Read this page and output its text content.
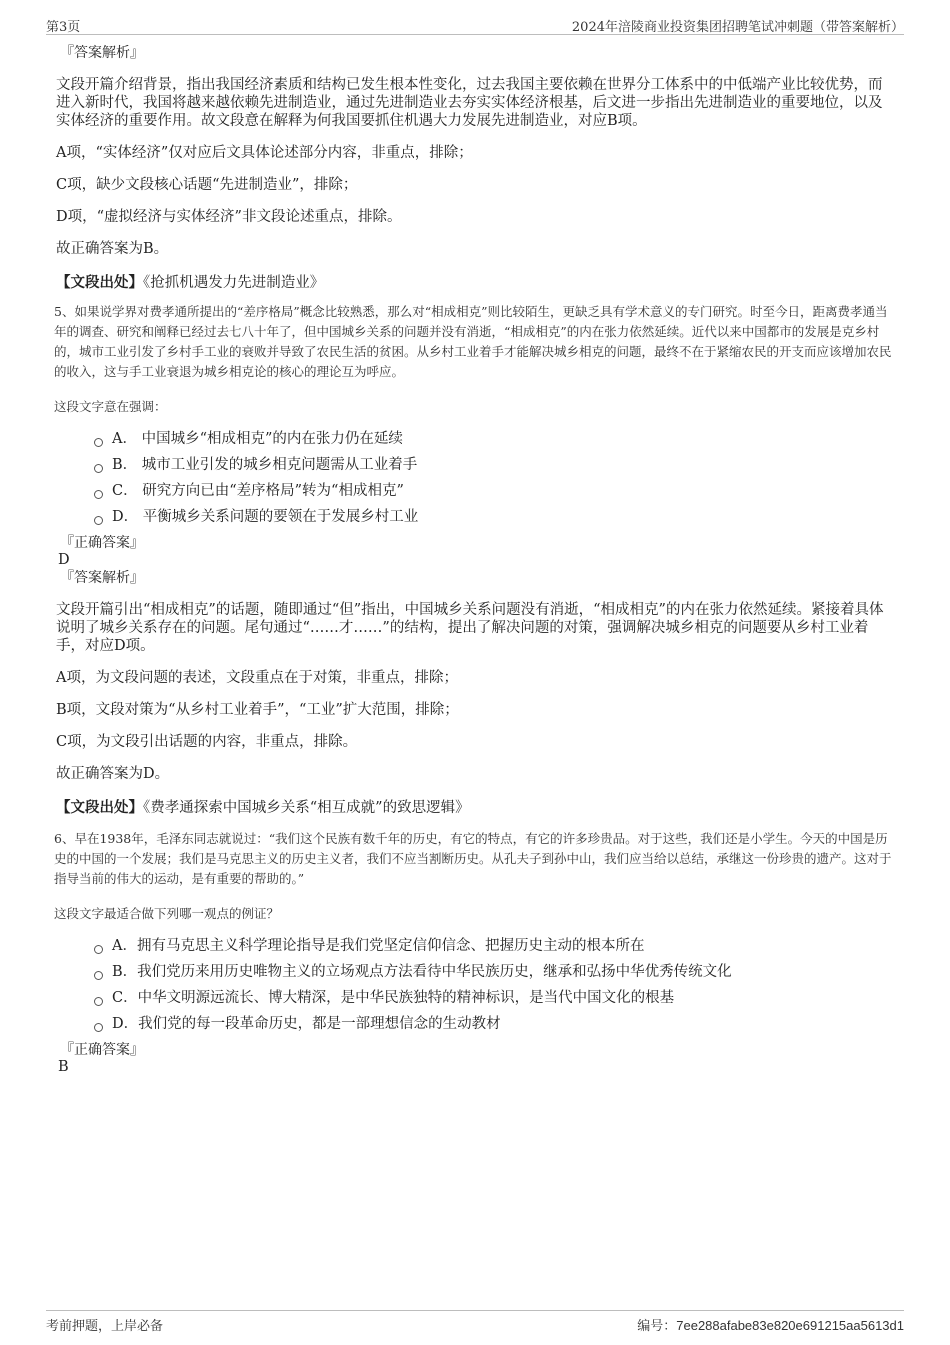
第3页	2024年涪陵商业投资集团招聘笔试冲刺题（带答案解析）

『答案解析』

文段开篇介绍背景，指出我国经济素质和结构已发生根本性变化，过去我国主要依赖在世界分工体系中的中低端产业比较优势，而进入新时代，我国将越来越依赖先进制造业，通过先进制造业去夯实实体经济根基，后文进一步指出先进制造业的重要地位，以及实体经济的重要作用。故文段意在解释为何我国要抓住机遇大力发展先进制造业，对应B项。

A项，“实体经济”仅对应后文具体论述部分内容，非重点，排除；

C项，缺少文段核心话题“先进制造业”，排除；

D项，“虚拟经济与实体经济”非文段论述重点，排除。

故正确答案为B。

【文段出处】《抢抓机遇发力先进制造业》

5、如果说学界对费孝通所提出的“差序格局”概念比较熟悉，那么对“相成相克”则比较陌生，更缺乏具有学术意义的专门研究。时至今日，距离费孝通当年的调查、研究和阐释已经过去七八十年了，但中国城乡关系的问题并没有消逝，“相成相克”的内在张力依然延续。近代以来中国都市的发展是克乡村的，城市工业引发了乡村手工业的衰败并导致了农民生活的贫困。从乡村工业着手才能解决城乡相克的问题，最终不在于紧缩农民的开支而应该增加农民的收入，这与手工业衰退为城乡相克论的核心的理论互为呼应。

这段文字意在强调：

A． 中国城乡“相成相克”的内在张力仍在延续
B． 城市工业引发的城乡相克问题需从工业着手
C． 研究方向已由“差序格局”转为“相成相克”
D． 平衡城乡关系问题的要领在于发展乡村工业

『正确答案』

D

『答案解析』

文段开篇引出“相成相克”的话题，随即通过“但”指出，中国城乡关系问题没有消逝，“相成相克”的内在张力依然延续。紧接着具体说明了城乡关系存在的问题。尾句通过“……才……”的结构，提出了解决问题的对策，强调解决城乡相克的问题要从乡村工业着手，对应D项。

A项，为文段问题的表述，文段重点在于对策，非重点，排除；

B项，文段对策为“从乡村工业着手”，“工业”扩大范围，排除；

C项，为文段引出话题的内容，非重点，排除。

故正确答案为D。

【文段出处】《费孝通探索中国城乡关系“相互成就”的致思逻辑》

6、早在1938年，毛泽东同志就说过：“我们这个民族有数千年的历史，有它的特点，有它的许多珍贵品。对于这些，我们还是小学生。今天的中国是历史的中国的一个发展；我们是马克思主义的历史主义者，我们不应当割断历史。从孔夫子到孙中山，我们应当给以总结，承继这一份珍贵的遗产。这对于指导当前的伟大的运动，是有重要的帮助的。”

这段文字最适合做下列哪一观点的例证？

A．拥有马克思主义科学理论指导是我们党坚定信仰信念、把握历史主动的根本所在
B．我们党历来用历史唯物主义的立场观点方法看待中华民族历史，继承和弘扬中华优秀传统文化
C．中华文明源远流长、博大精深，是中华民族独特的精神标识，是当代中国文化的根基
D．我们党的每一段革命历史，都是一部理想信念的生动教材

『正确答案』

B

考前押题，上岸必备	编号：7ee288afabe83e820e691215aa5613d1
